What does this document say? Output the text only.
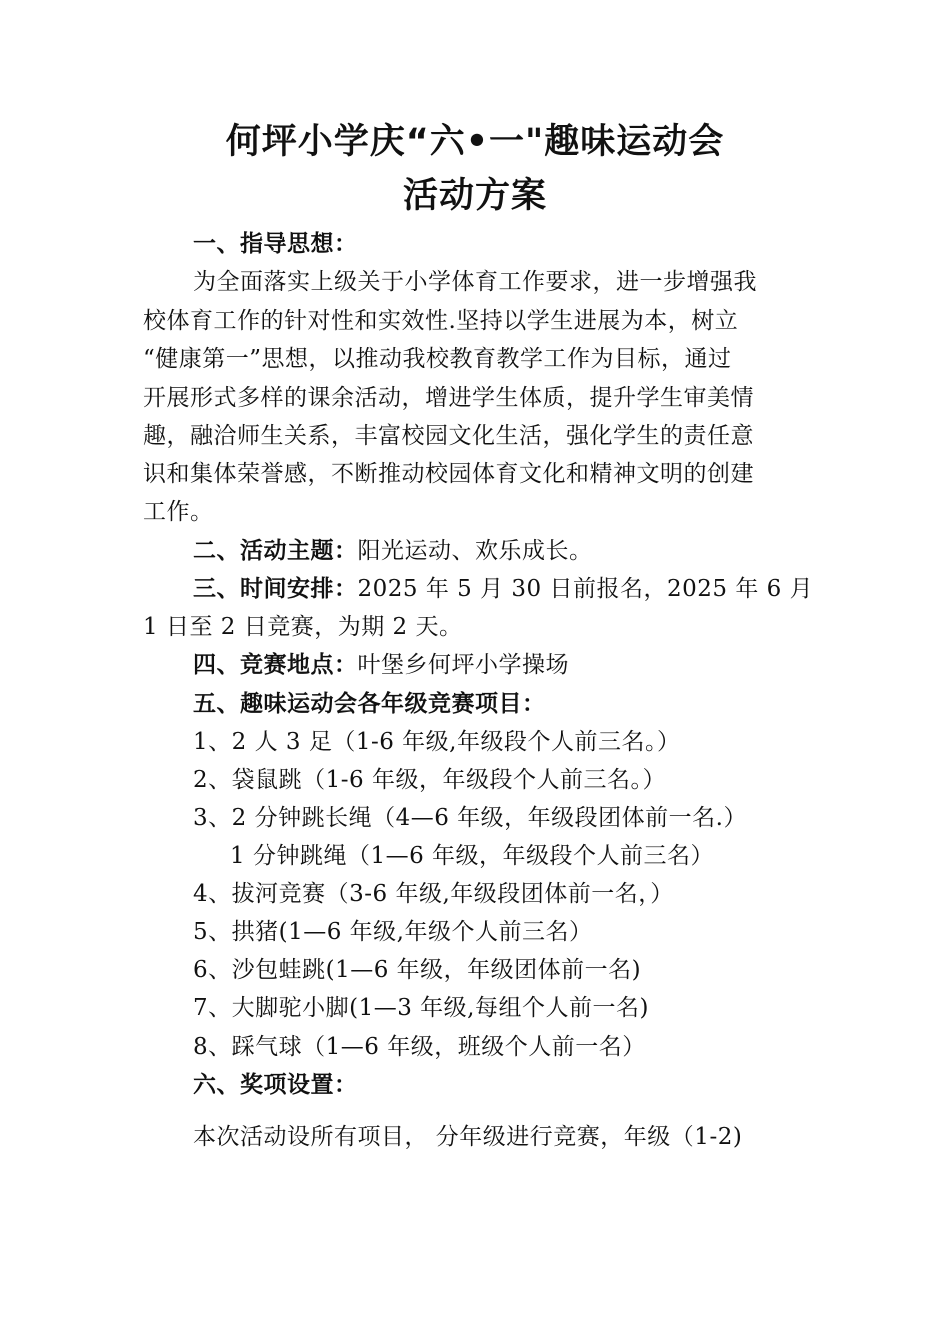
何坪小学庆“六•一"趣味运动会
活动方案
一、指导思想：
为全面落实上级关于小学体育工作要求，进一步增强我
校体育工作的针对性和实效性.坚持以学生进展为本，树立
“健康第一”思想，以推动我校教育教学工作为目标，通过
开展形式多样的课余活动，增进学生体质，提升学生审美情
趣，融洽师生关系，丰富校园文化生活，强化学生的责任意
识和集体荣誉感，不断推动校园体育文化和精神文明的创建
工作。
二、活动主题：阳光运动、欢乐成长。
三、时间安排：2025 年 5 月 30 日前报名，2025 年 6 月
1 日至 2 日竞赛，为期 2 天。
四、竞赛地点：叶堡乡何坪小学操场
五、趣味运动会各年级竞赛项目：
1、2 人 3 足（1-6 年级,年级段个人前三名。）
2、袋鼠跳（1-6 年级，年级段个人前三名。）
3、2 分钟跳长绳（4—6 年级，年级段团体前一名.）
1 分钟跳绳（1—6 年级，年级段个人前三名）
4、拔河竞赛（3-6 年级,年级段团体前一名，）
5、拱猪(1—6 年级,年级个人前三名）
6、沙包蛙跳(1—6 年级，年级团体前一名)
7、大脚驼小脚(1—3 年级,每组个人前一名)
8、踩气球（1—6 年级，班级个人前一名）
六、奖项设置：
本次活动设所有项目， 分年级进行竞赛，年级（1-2)
